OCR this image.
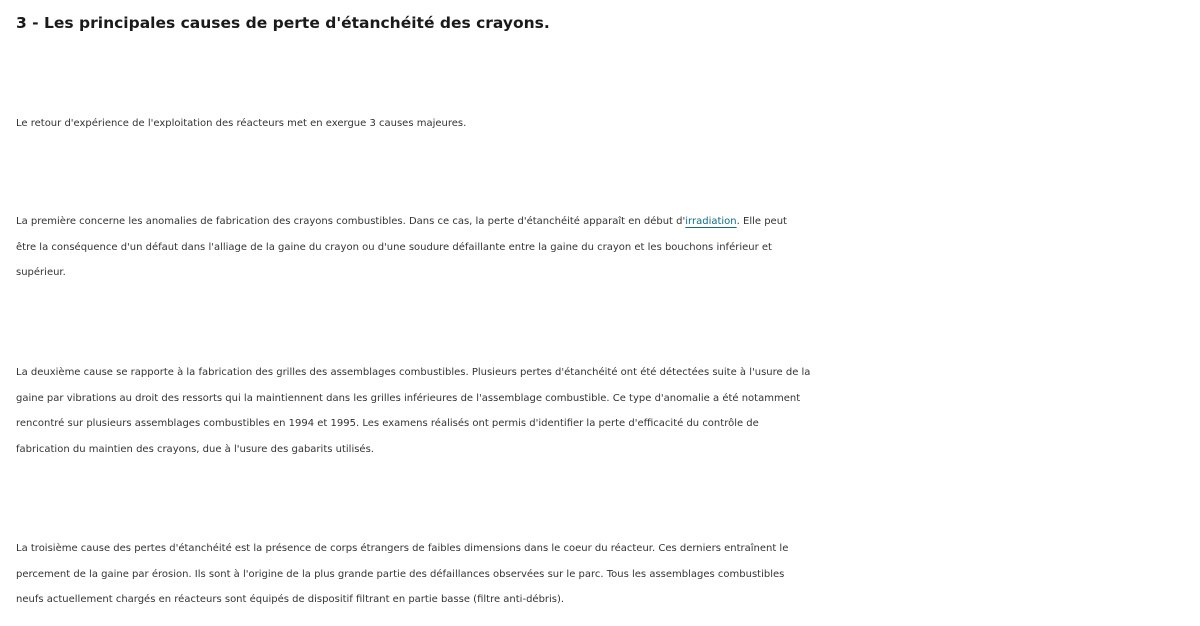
3 - Les principales causes de perte d'étanchéité des crayons.

Le retour d'expérience de l'exploitation des réacteurs met en exergue 3 causes majeures.

La première concerne les anomalies de fabrication des crayons combustibles. Dans ce cas, la perte d'étanchéité apparaît en début d'irradiation. Elle peut
être la conséquence d'un défaut dans l'alliage de la gaine du crayon ou d'une soudure défaillante entre la gaine du crayon et les bouchons inférieur et
supérieur.

La deuxième cause se rapporte à la fabrication des grilles des assemblages combustibles. Plusieurs pertes d'étanchéité ont été détectées suite à l'usure de la
gaine par vibrations au droit des ressorts qui la maintiennent dans les grilles inférieures de l'assemblage combustible. Ce type d'anomalie a été notamment
rencontré sur plusieurs assemblages combustibles en 1994 et 1995. Les examens réalisés ont permis d'identifier la perte d'efficacité du contrôle de
fabrication du maintien des crayons, due à l'usure des gabarits utilisés.

La troisième cause des pertes d'étanchéité est la présence de corps étrangers de faibles dimensions dans le coeur du réacteur. Ces derniers entraînent le
percement de la gaine par érosion. Ils sont à l'origine de la plus grande partie des défaillances observées sur le parc. Tous les assemblages combustibles
neufs actuellement chargés en réacteurs sont équipés de dispositif filtrant en partie basse (filtre anti-débris).
